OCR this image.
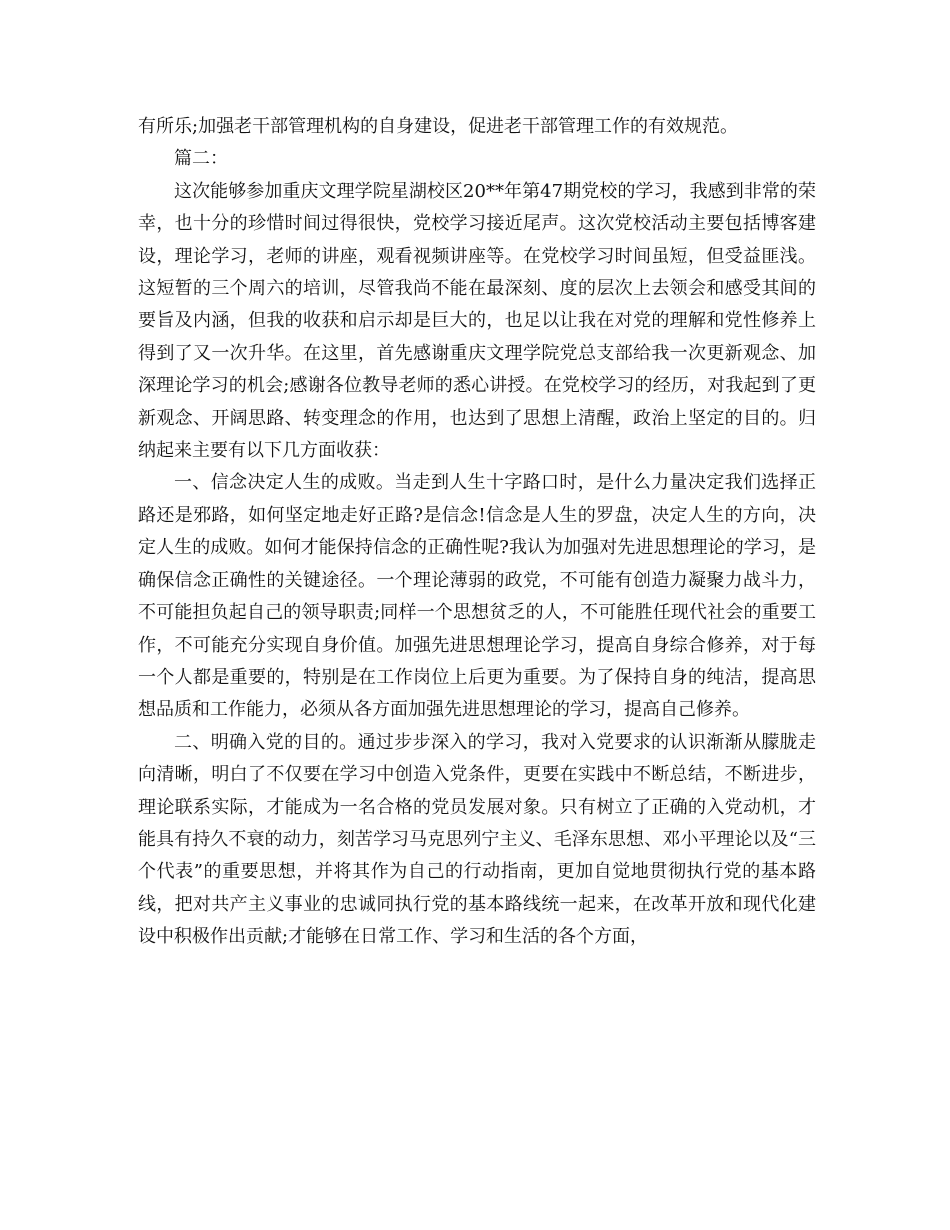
有所乐;加强老干部管理机构的自身建设，促进老干部管理工作的有效规范。

篇二：

这次能够参加重庆文理学院星湖校区20**年第47期党校的学习，我感到非常的荣幸，也十分的珍惜时间过得很快，党校学习接近尾声。这次党校活动主要包括博客建设，理论学习，老师的讲座，观看视频讲座等。在党校学习时间虽短，但受益匪浅。这短暂的三个周六的培训，尽管我尚不能在最深刻、度的层次上去领会和感受其间的要旨及内涵，但我的收获和启示却是巨大的，也足以让我在对党的理解和党性修养上得到了又一次升华。在这里，首先感谢重庆文理学院党总支部给我一次更新观念、加深理论学习的机会;感谢各位教导老师的悉心讲授。在党校学习的经历，对我起到了更新观念、开阔思路、转变理念的作用，也达到了思想上清醒，政治上坚定的目的。归纳起来主要有以下几方面收获：

一、信念决定人生的成败。当走到人生十字路口时，是什么力量决定我们选择正路还是邪路，如何坚定地走好正路?是信念!信念是人生的罗盘，决定人生的方向，决定人生的成败。如何才能保持信念的正确性呢?我认为加强对先进思想理论的学习，是确保信念正确性的关键途径。一个理论薄弱的政党，不可能有创造力凝聚力战斗力，不可能担负起自己的领导职责;同样一个思想贫乏的人，不可能胜任现代社会的重要工作，不可能充分实现自身价值。加强先进思想理论学习，提高自身综合修养，对于每一个人都是重要的，特别是在工作岗位上后更为重要。为了保持自身的纯洁，提高思想品质和工作能力，必须从各方面加强先进思想理论的学习，提高自己修养。

二、明确入党的目的。通过步步深入的学习，我对入党要求的认识渐渐从朦胧走向清晰，明白了不仅要在学习中创造入党条件，更要在实践中不断总结，不断进步，理论联系实际，才能成为一名合格的党员发展对象。只有树立了正确的入党动机，才能具有持久不衰的动力，刻苦学习马克思列宁主义、毛泽东思想、邓小平理论以及“三个代表”的重要思想，并将其作为自己的行动指南，更加自觉地贯彻执行党的基本路线，把对共产主义事业的忠诚同执行党的基本路线统一起来，在改革开放和现代化建设中积极作出贡献;才能够在日常工作、学习和生活的各个方面，
